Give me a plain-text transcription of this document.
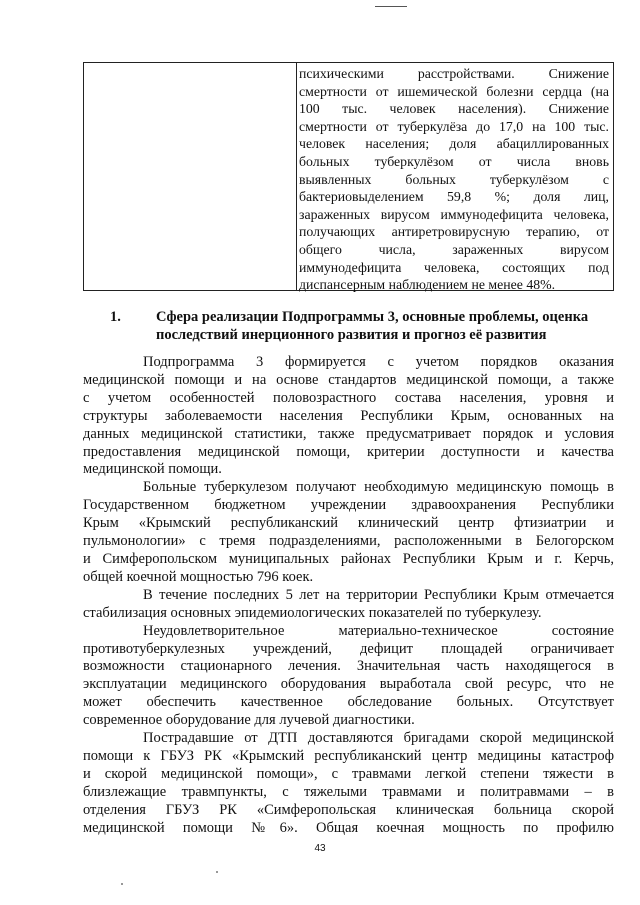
психическими расстройствами. Снижение
смертности от ишемической болезни сердца (на
100 тыс. человек населения). Снижение
смертности от туберкулёза до 17,0 на 100 тыс.
человек населения; доля абациллированных
больных туберкулёзом от числа вновь
выявленных больных туберкулёзом с
бактериовыделением 59,8 %; доля лиц,
зараженных вирусом иммунодефицита человека,
получающих антиретровирусную терапию, от
общего числа, зараженных вирусом
иммунодефицита человека, состоящих под
диспансерным наблюдением не менее 48%.
1. Сфера реализации Подпрограммы 3, основные проблемы, оценка
последствий инерционного развития и прогноз её развития
Подпрограмма 3 формируется с учетом порядков оказания
медицинской помощи и на основе стандартов медицинской помощи, а также
с учетом особенностей половозрастного состава населения, уровня и
структуры заболеваемости населения Республики Крым, основанных на
данных медицинской статистики, также предусматривает порядок и условия
предоставления медицинской помощи, критерии доступности и качества
медицинской помощи.
Больные туберкулезом получают необходимую медицинскую помощь в
Государственном бюджетном учреждении здравоохранения Республики
Крым «Крымский республиканский клинический центр фтизиатрии и
пульмонологии» с тремя подразделениями, расположенными в Белогорском
и Симферопольском муниципальных районах Республики Крым и г. Керчь,
общей коечной мощностью 796 коек.
В течение последних 5 лет на территории Республики Крым отмечается
стабилизация основных эпидемиологических показателей по туберкулезу.
Неудовлетворительное материально-техническое состояние
противотуберкулезных учреждений, дефицит площадей ограничивает
возможности стационарного лечения. Значительная часть находящегося в
эксплуатации медицинского оборудования выработала свой ресурс, что не
может обеспечить качественное обследование больных. Отсутствует
современное оборудование для лучевой диагностики.
Пострадавшие от ДТП доставляются бригадами скорой медицинской
помощи к ГБУЗ РК «Крымский республиканский центр медицины катастроф
и скорой медицинской помощи», с травмами легкой степени тяжести в
близлежащие травмпункты, с тяжелыми травмами и политравмами – в
отделения ГБУЗ РК «Симферопольская клиническая больница скорой
медицинской помощи №6». Общая коечная мощность по профилю
43
